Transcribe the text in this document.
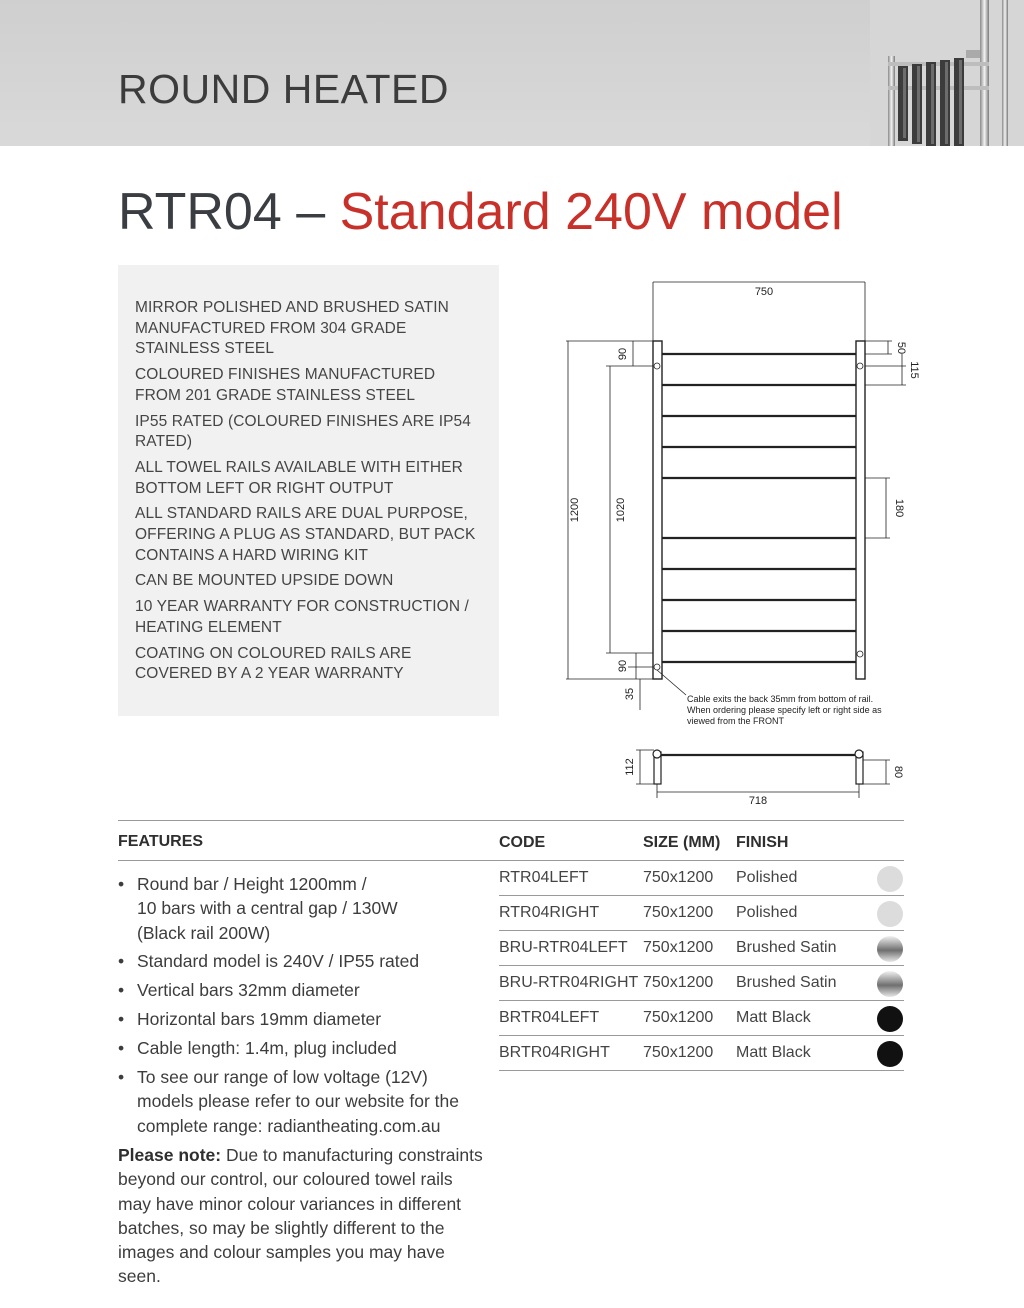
ROUND HEATED
RTR04 – Standard 240V model
MIRROR POLISHED AND BRUSHED SATIN MANUFACTURED FROM 304 GRADE STAINLESS STEEL
COLOURED FINISHES MANUFACTURED FROM 201 GRADE STAINLESS STEEL
IP55 RATED (COLOURED FINISHES ARE IP54 RATED)
ALL TOWEL RAILS AVAILABLE WITH EITHER BOTTOM LEFT OR RIGHT OUTPUT
ALL STANDARD RAILS ARE DUAL PURPOSE, OFFERING A PLUG AS STANDARD, BUT PACK CONTAINS A HARD WIRING KIT
CAN BE MOUNTED UPSIDE DOWN
10 YEAR WARRANTY FOR CONSTRUCTION / HEATING ELEMENT
COATING ON COLOURED RAILS ARE COVERED BY A 2 YEAR WARRANTY
750
1200	1020
90
90
35
50
115
180
Cable exits the back 35mm from bottom of rail.
When ordering please specify left or right side as
viewed from the FRONT
112	80
718
FEATURES
• Round bar / Height 1200mm /
10 bars with a central gap / 130W
(Black rail 200W)
• Standard model is 240V / IP55 rated
• Vertical bars 32mm diameter
• Horizontal bars 19mm diameter
• Cable length: 1.4m, plug included
• To see our range of low voltage (12V)
models please refer to our website for the
complete range: radiantheating.com.au
Please note: Due to manufacturing constraints beyond our control, our coloured towel rails may have minor colour variances in different batches, so may be slightly different to the images and colour samples you may have seen.
CODE	SIZE (MM) FINISH
RTR04LEFT	750x1200 Polished
RTR04RIGHT	750x1200 Polished
BRU-RTR04LEFT 750x1200 Brushed Satin
BRU-RTR04RIGHT 750x1200 Brushed Satin
BRTR04LEFT	750x1200 Matt Black
BRTR04RIGHT 750x1200 Matt Black
